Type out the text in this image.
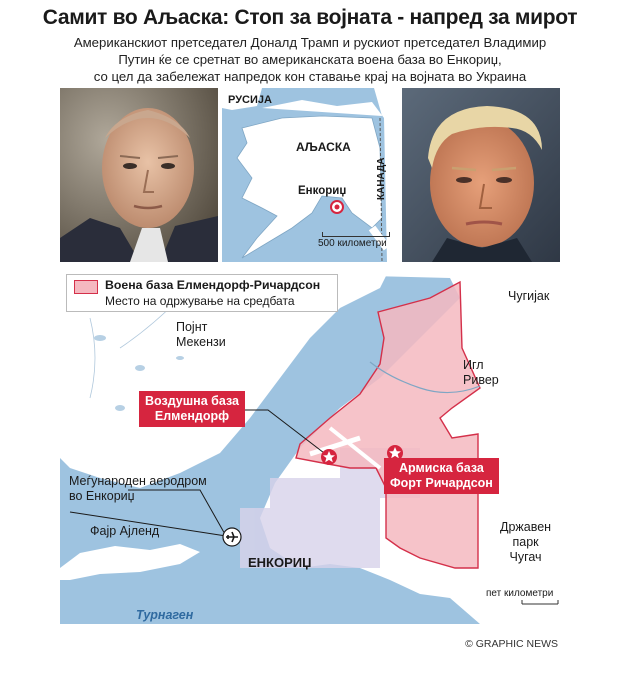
Самит во Аљаска: Стоп за војната - напред за мирот
Американскиот претседател Доналд Трамп и рускиот претседател Владимир
Путин ќе се сретнат во американската воена база во Енкориџ,
со цел да забележат напредок кон ставање крај на војната во Украина
РУСИЈА
АЉАСКА
КАНАДА
Енкориџ
500 километри
Воена база Елмендорф-Ричардсон
Место на одржување на средбата
Појнт
Мекензи
Чугијак
Игл
Ривер
Државен
парк
Чугач
Меѓународен аеродром
во Енкориџ
Фајр Ајленд
ЕНКОРИЏ
Турнаген
Воздушна база
Елмендорф
Армиска база
Форт Ричардсон
пет километри
© GRAPHIC NEWS
